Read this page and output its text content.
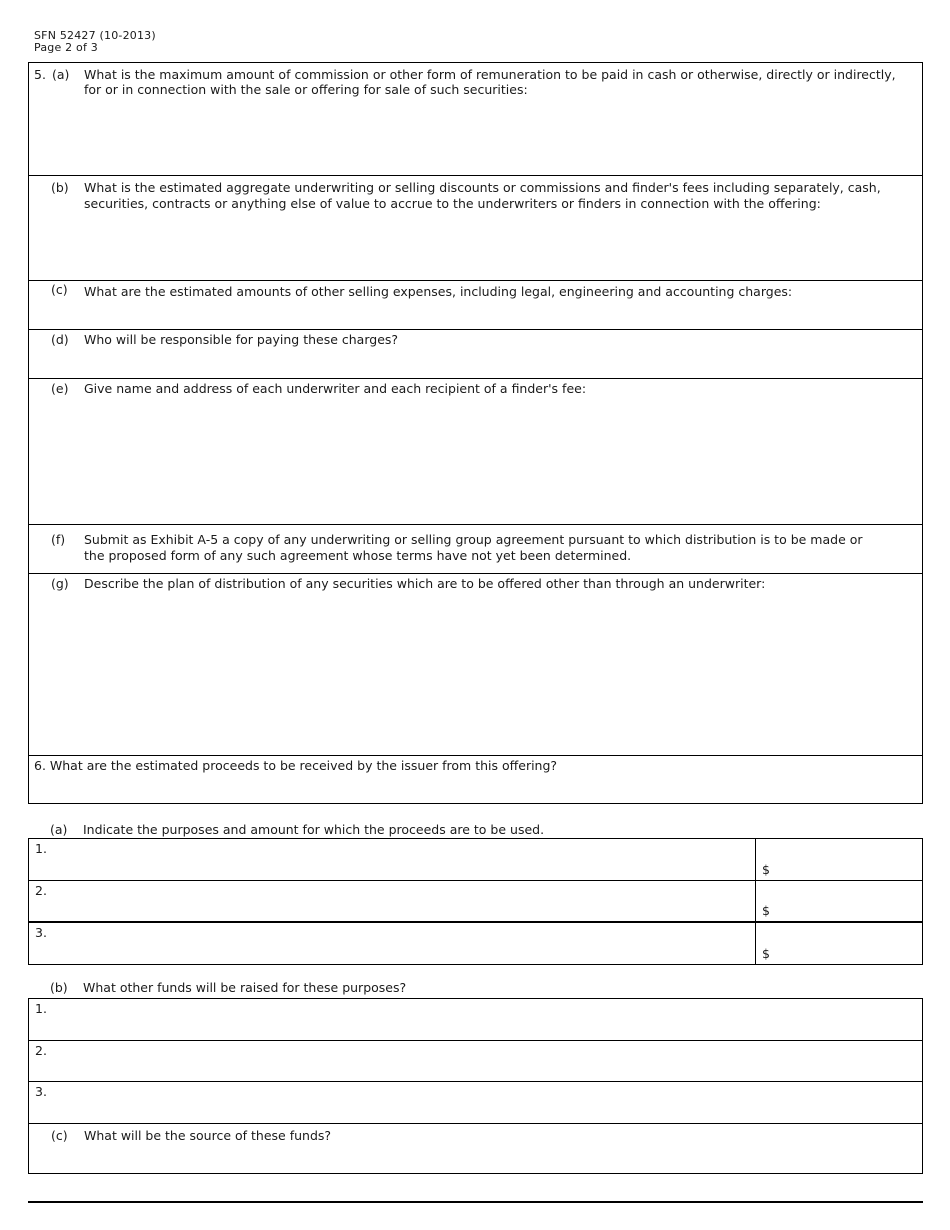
SFN 52427 (10-2013)
Page 2 of 3
5. (a) What is the maximum amount of commission or other form of remuneration to be paid in cash or otherwise, directly or indirectly, for or in connection with the sale or offering for sale of such securities:
(b) What is the estimated aggregate underwriting or selling discounts or commissions and finder's fees including separately, cash, securities, contracts or anything else of value to accrue to the underwriters or finders in connection with the offering:
(c) What are the estimated amounts of other selling expenses, including legal, engineering and accounting charges:
(d) Who will be responsible for paying these charges?
(e) Give name and address of each underwriter and each recipient of a finder's fee:
(f) Submit as Exhibit A-5 a copy of any underwriting or selling group agreement pursuant to which distribution is to be made or the proposed form of any such agreement whose terms have not yet been determined.
(g) Describe the plan of distribution of any securities which are to be offered other than through an underwriter:
6. What are the estimated proceeds to be received by the issuer from this offering?
(a) Indicate the purposes and amount for which the proceeds are to be used.
1.
$
2.
$
3.
$
(b) What other funds will be raised for these purposes?
1.
2.
3.
(c) What will be the source of these funds?
